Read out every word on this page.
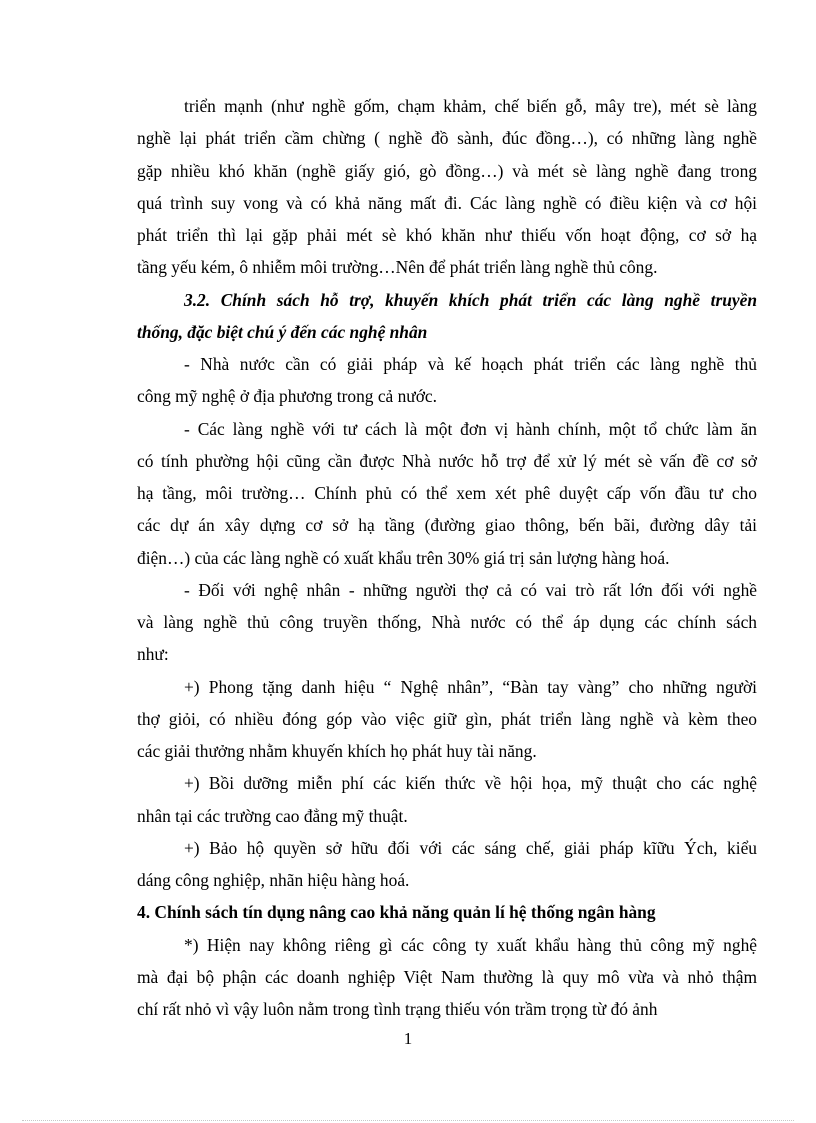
triển mạnh (như nghề gốm, chạm khảm, chế biến gỗ, mây tre), mét sè làng
nghề lại phát triển cầm chừng ( nghề đồ sành, đúc đồng…), có những làng nghề
gặp nhiều khó khăn (nghề giấy gió, gò đồng…) và mét sè làng nghề đang trong
quá trình suy vong và có khả năng mất đi. Các làng nghề có điều kiện và cơ hội
phát triển thì lại gặp phải mét sè khó khăn như thiếu vốn hoạt động, cơ sở hạ
tầng yếu kém, ô nhiễm môi trường…Nên để phát triển làng nghề thủ công.
3.2. Chính sách hỗ trợ, khuyến khích phát triển các làng nghề truyền
thống, đặc biệt chú ý đến các nghệ nhân
- Nhà nước cần có giải pháp và kế hoạch phát triển các làng nghề thủ
công mỹ nghệ ở địa phương trong cả nước.
- Các làng nghề với tư cách là một đơn vị hành chính, một tổ chức làm ăn
có tính phường hội cũng cần được Nhà nước hỗ trợ để xử lý mét sè vấn đề cơ sở
hạ tầng, môi trường… Chính phủ có thể xem xét phê duyệt cấp vốn đầu tư cho
các dự án xây dựng cơ sở hạ tầng (đường giao thông, bến bãi, đường dây tải
điện…) của các làng nghề có xuất khẩu trên 30% giá trị sản lượng hàng hoá.
- Đối với nghệ nhân - những người thợ cả có vai trò rất lớn đối với nghề
và làng nghề thủ công truyền thống, Nhà nước có thể áp dụng các chính sách
như:
+) Phong tặng danh hiệu “ Nghệ nhân”, “Bàn tay vàng” cho những người
thợ giỏi, có nhiều đóng góp vào việc giữ gìn, phát triển làng nghề và kèm theo
các giải thưởng nhằm khuyến khích họ phát huy tài năng.
+) Bồi dưỡng miễn phí các kiến thức về hội họa, mỹ thuật cho các nghệ
nhân tại các trường cao đẳng mỹ thuật.
+) Bảo hộ quyền sở hữu đối với các sáng chế, giải pháp kĩữu Ých, kiểu
dáng công nghiệp, nhãn hiệu hàng hoá.
4. Chính sách tín dụng nâng cao khả năng quản lí hệ thống ngân hàng
*) Hiện nay không riêng gì các công ty xuất khẩu hàng thủ công mỹ nghệ
mà đại bộ phận các doanh nghiệp Việt Nam thường là quy mô vừa và nhỏ thậm
chí rất nhỏ vì vậy luôn nằm trong tình trạng thiếu vón trầm trọng từ đó ảnh
1
